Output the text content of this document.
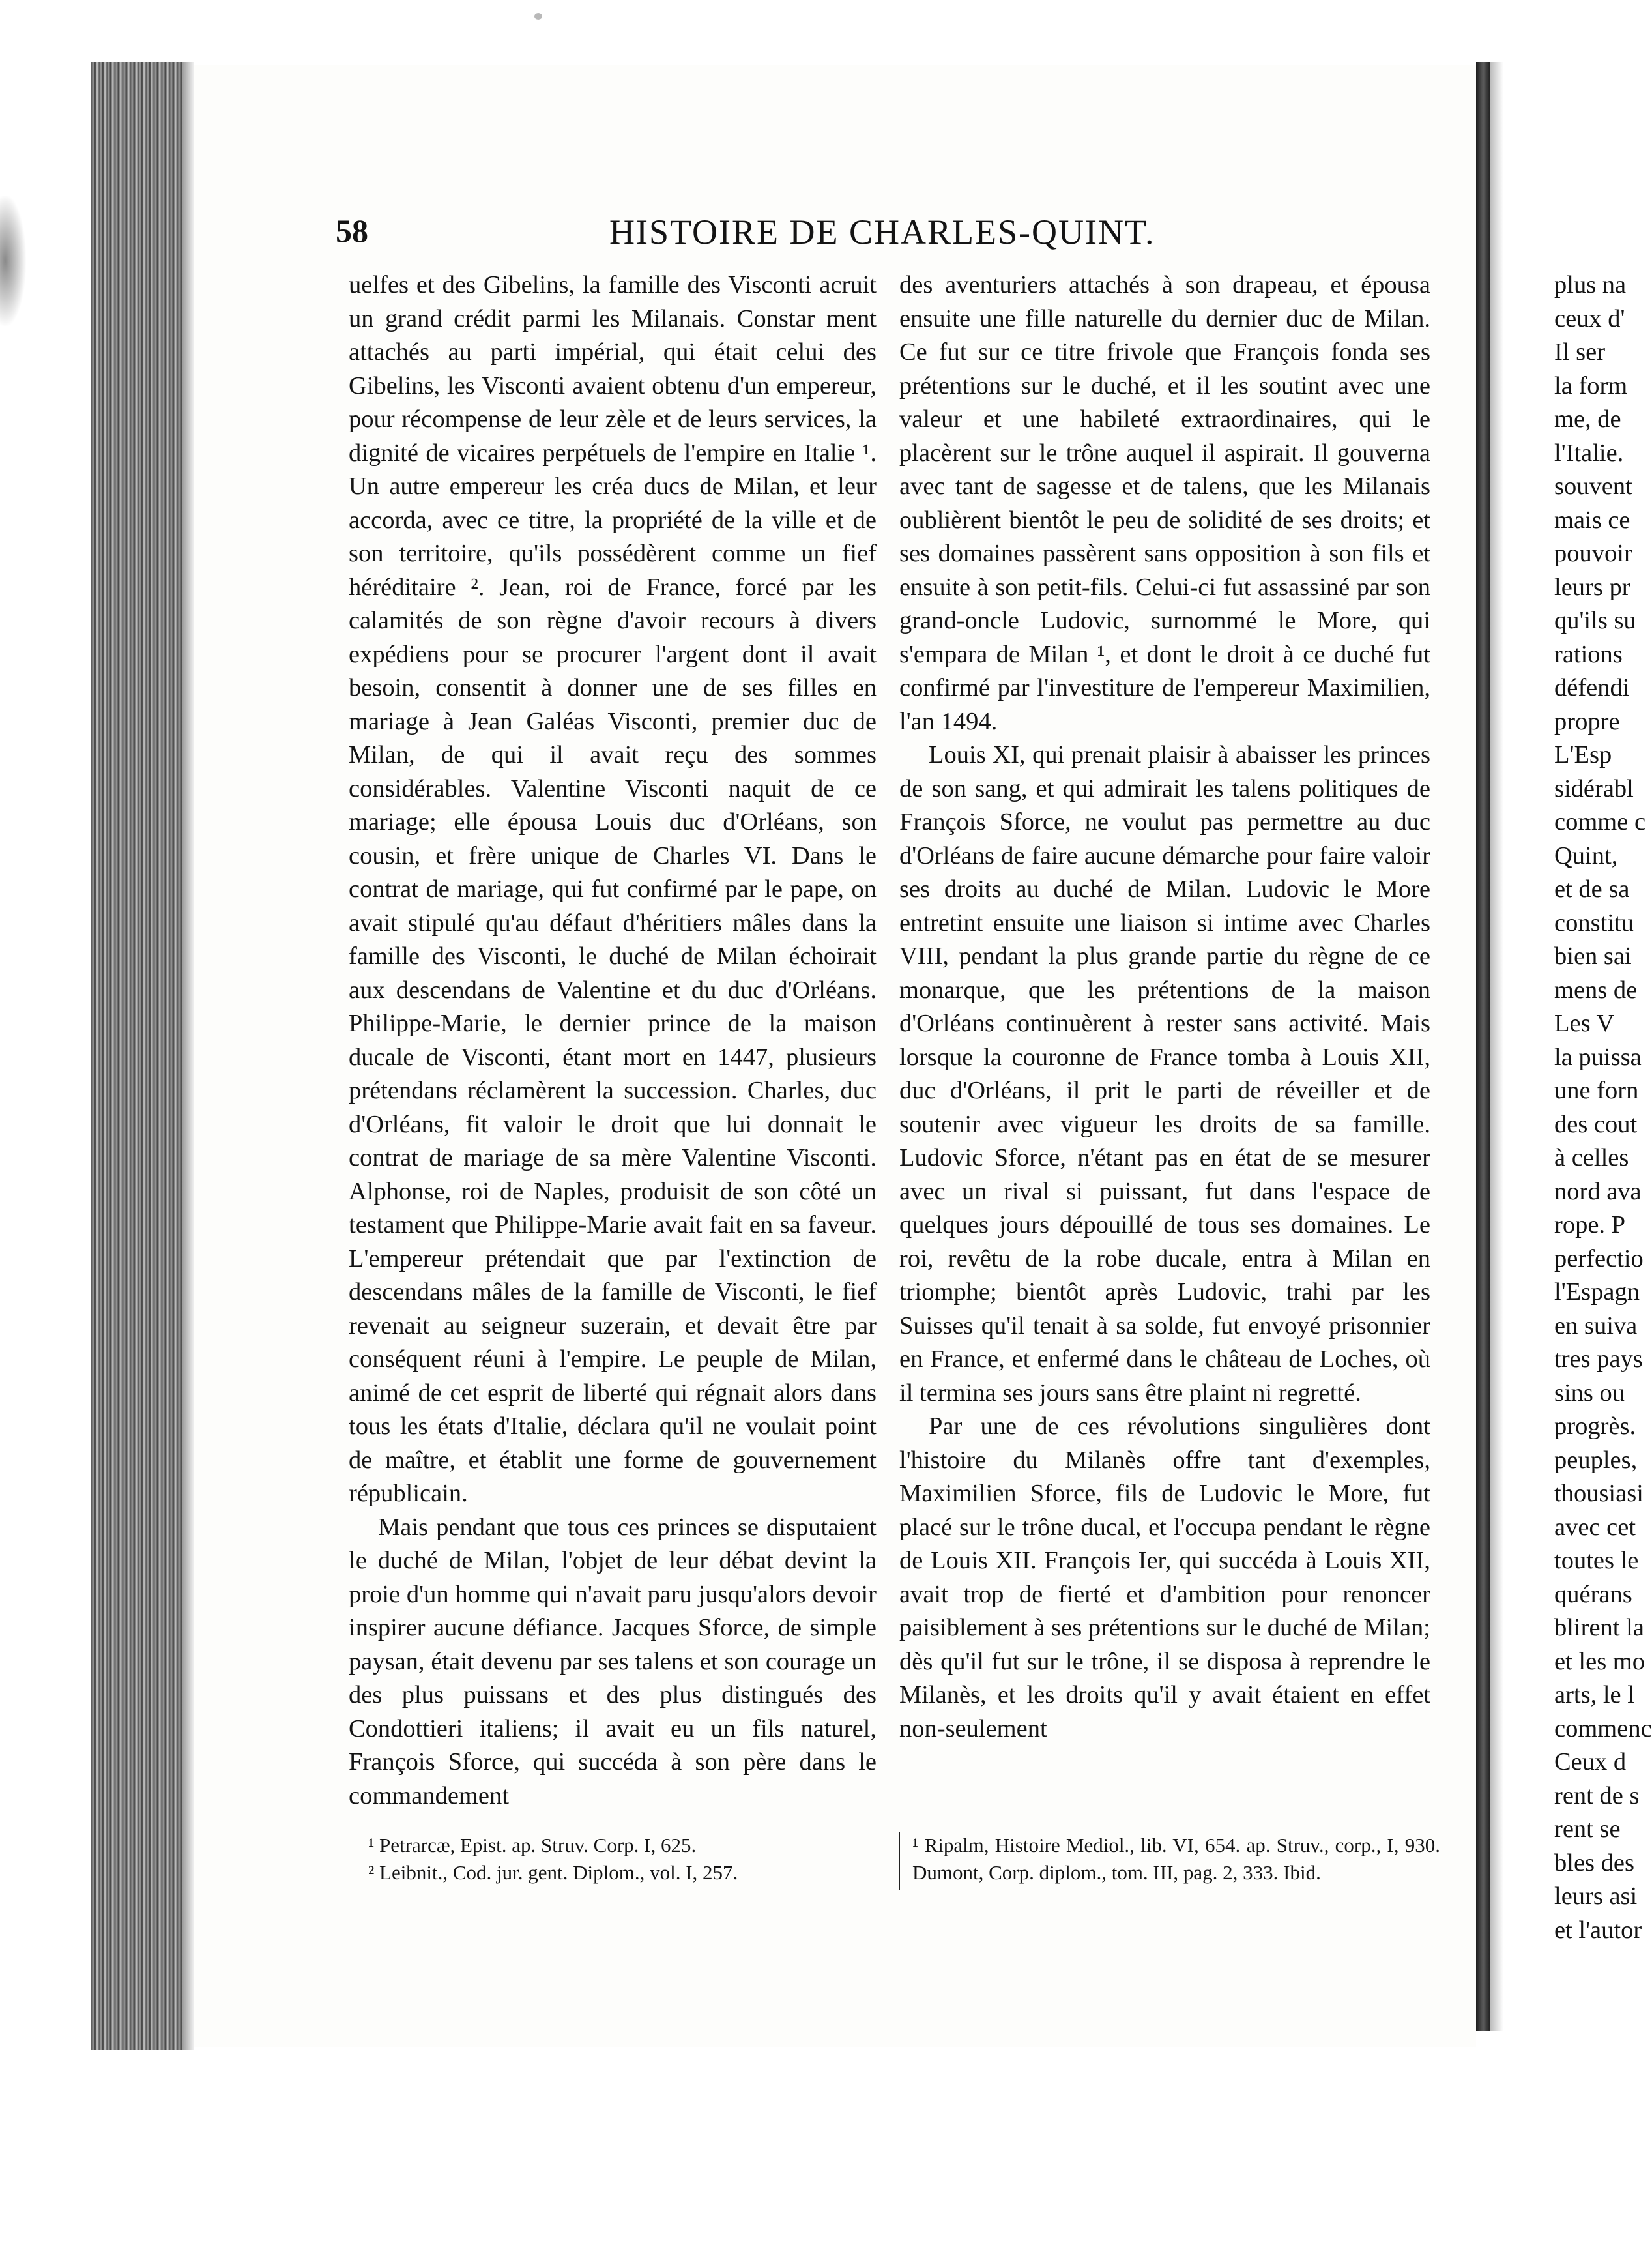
58	HISTOIRE DE CHARLES-QUINT.

uelfes et des Gibelins, la famille des Visconti acruit un grand crédit parmi les Milanais. Constar ment attachés au parti impérial, qui était celui des Gibelins, les Visconti avaient obtenu d'un empereur, pour récompense de leur zèle et de leurs services, la dignité de vicaires perpétuels de l'empire en Italie ¹. Un autre empereur les créa ducs de Milan, et leur accorda, avec ce titre, la propriété de la ville et de son territoire, qu'ils possédèrent comme un fief héréditaire ². Jean, roi de France, forcé par les calamités de son règne d'avoir recours à divers expédiens pour se procurer l'argent dont il avait besoin, consentit à donner une de ses filles en mariage à Jean Galéas Visconti, premier duc de Milan, de qui il avait reçu des sommes considérables. Valentine Visconti naquit de ce mariage; elle épousa Louis duc d'Orléans, son cousin, et frère unique de Charles VI. Dans le contrat de mariage, qui fut confirmé par le pape, on avait stipulé qu'au défaut d'héritiers mâles dans la famille des Visconti, le duché de Milan échoirait aux descendans de Valentine et du duc d'Orléans. Philippe-Marie, le dernier prince de la maison ducale de Visconti, étant mort en 1447, plusieurs prétendans réclamèrent la succession. Charles, duc d'Orléans, fit valoir le droit que lui donnait le contrat de mariage de sa mère Valentine Visconti. Alphonse, roi de Naples, produisit de son côté un testament que Philippe-Marie avait fait en sa faveur. L'empereur prétendait que par l'extinction de descendans mâles de la famille de Visconti, le fief revenait au seigneur suzerain, et devait être par conséquent réuni à l'empire. Le peuple de Milan, animé de cet esprit de liberté qui régnait alors dans tous les états d'Italie, déclara qu'il ne voulait point de maître, et établit une forme de gouvernement républicain.

Mais pendant que tous ces princes se disputaient le duché de Milan, l'objet de leur débat devint la proie d'un homme qui n'avait paru jusqu'alors devoir inspirer aucune défiance. Jacques Sforce, de simple paysan, était devenu par ses talens et son courage un des plus puissans et des plus distingués des Condottieri italiens; il avait eu un fils naturel, François Sforce, qui succéda à son père dans le commandement

des aventuriers attachés à son drapeau, et épousa ensuite une fille naturelle du dernier duc de Milan. Ce fut sur ce titre frivole que François fonda ses prétentions sur le duché, et il les soutint avec une valeur et une habileté extraordinaires, qui le placèrent sur le trône auquel il aspirait. Il gouverna avec tant de sagesse et de talens, que les Milanais oublièrent bientôt le peu de solidité de ses droits; et ses domaines passèrent sans opposition à son fils et ensuite à son petit-fils. Celui-ci fut assassiné par son grand-oncle Ludovic, surnommé le More, qui s'empara de Milan ¹, et dont le droit à ce duché fut confirmé par l'investiture de l'empereur Maximilien, l'an 1494.

Louis XI, qui prenait plaisir à abaisser les princes de son sang, et qui admirait les talens politiques de François Sforce, ne voulut pas permettre au duc d'Orléans de faire aucune démarche pour faire valoir ses droits au duché de Milan. Ludovic le More entretint ensuite une liaison si intime avec Charles VIII, pendant la plus grande partie du règne de ce monarque, que les prétentions de la maison d'Orléans continuèrent à rester sans activité. Mais lorsque la couronne de France tomba à Louis XII, duc d'Orléans, il prit le parti de réveiller et de soutenir avec vigueur les droits de sa famille. Ludovic Sforce, n'étant pas en état de se mesurer avec un rival si puissant, fut dans l'espace de quelques jours dépouillé de tous ses domaines. Le roi, revêtu de la robe ducale, entra à Milan en triomphe; bientôt après Ludovic, trahi par les Suisses qu'il tenait à sa solde, fut envoyé prisonnier en France, et enfermé dans le château de Loches, où il termina ses jours sans être plaint ni regretté.

Par une de ces révolutions singulières dont l'histoire du Milanès offre tant d'exemples, Maximilien Sforce, fils de Ludovic le More, fut placé sur le trône ducal, et l'occupa pendant le règne de Louis XII. François Ier, qui succéda à Louis XII, avait trop de fierté et d'ambition pour renoncer paisiblement à ses prétentions sur le duché de Milan; dès qu'il fut sur le trône, il se disposa à reprendre le Milanès, et les droits qu'il y avait étaient en effet non-seulement

¹ Petrarcæ, Epist. ap. Struv. Corp. I, 625.

² Leibnit., Cod. jur. gent. Diplom., vol. I, 257.

¹ Ripalm, Histoire Mediol., lib. VI, 654. ap. Struv., corp., I, 930. Dumont, Corp. diplom., tom. III, pag. 2, 333. Ibid.

plus na
ceux d'
Il ser
la form
me, de
l'Italie.
souvent
mais ce
pouvoir
leurs pr
qu'ils su
rations
défendi
propre
L'Esp
sidérabl
comme c
Quint,
et de sa
constitu
bien sai
mens de
Les V
la puissa
une forn
des cout
à celles
nord ava
rope. P
perfectio
l'Espagn
en suiva
tres pays
sins ou
progrès.
peuples,
thousiasi
avec cet
toutes le
quérans
blirent la
et les mo
arts, le l
commenc
Ceux d
rent de s
rent se
bles des
leurs asi
et l'autor
